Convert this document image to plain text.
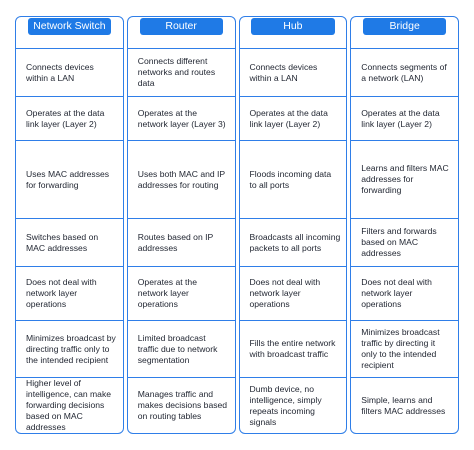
Network Switch
Connects devices within a LAN
Operates at the data link layer (Layer 2)
Uses MAC addresses for forwarding
Switches based on MAC addresses
Does not deal with network layer operations
Minimizes broadcast by directing traffic only to the intended recipient
Higher level of intelligence, can make forwarding decisions based on MAC addresses
Router
Connects different networks and routes data
Operates at the network layer (Layer 3)
Uses both MAC and IP addresses for routing
Routes based on IP addresses
Operates at the network layer operations
Limited broadcast traffic due to network segmentation
Manages traffic and makes decisions based on routing tables
Hub
Connects devices within a LAN
Operates at the data link layer (Layer 2)
Floods incoming data to all ports
Broadcasts all incoming packets to all ports
Does not deal with network layer operations
Fills the entire network with broadcast traffic
Dumb device, no intelligence, simply repeats incoming signals
Bridge
Connects segments of a network (LAN)
Operates at the data link layer (Layer 2)
Learns and filters MAC addresses for forwarding
Filters and forwards based on MAC addresses
Does not deal with network layer operations
Minimizes broadcast traffic by directing it only to the intended recipient
Simple, learns and filters MAC addresses
